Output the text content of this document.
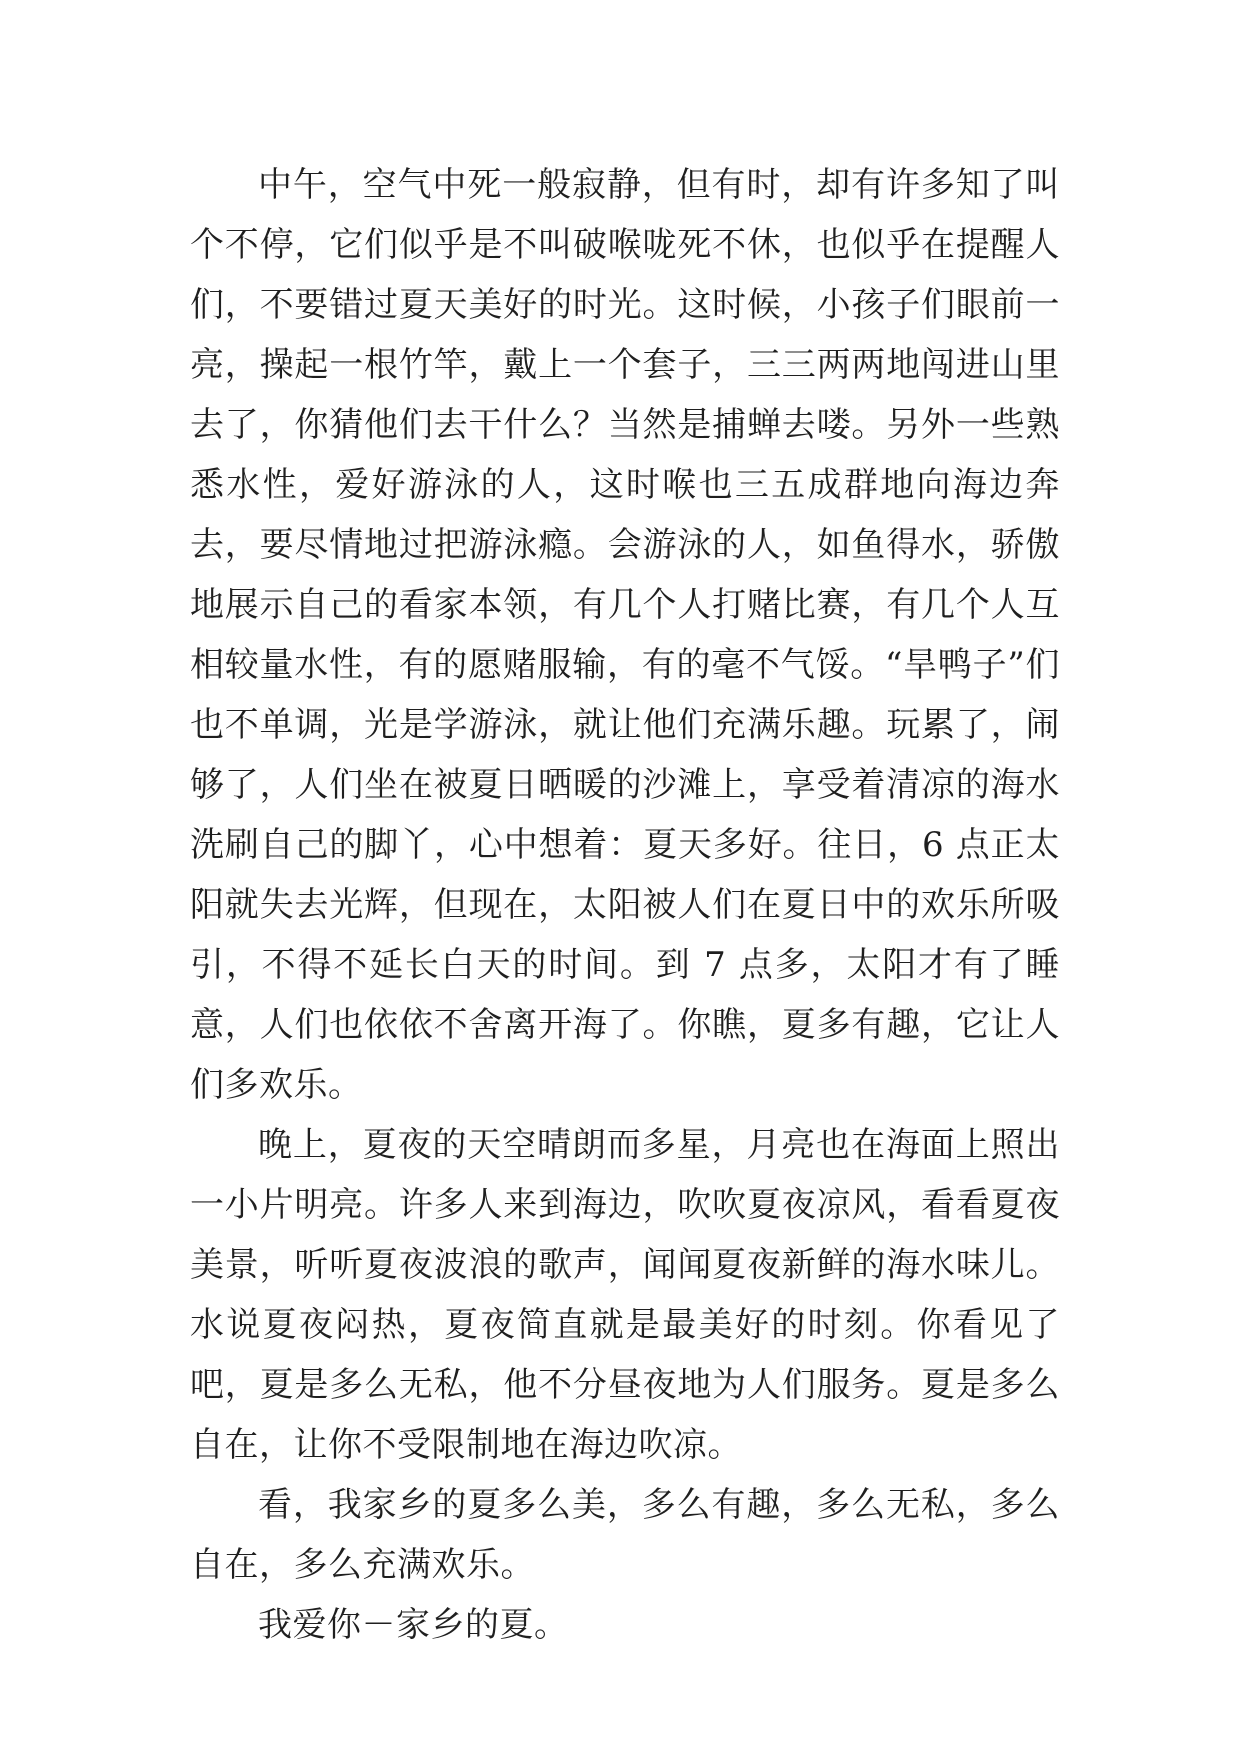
中午，空气中死一般寂静，但有时，却有许多知了叫个不停，它们似乎是不叫破喉咙死不休，也似乎在提醒人们，不要错过夏天美好的时光。这时候，小孩子们眼前一亮，操起一根竹竿，戴上一个套子，三三两两地闯进山里去了，你猜他们去干什么？当然是捕蝉去喽。另外一些熟悉水性，爱好游泳的人，这时喉也三五成群地向海边奔去，要尽情地过把游泳瘾。会游泳的人，如鱼得水，骄傲地展示自己的看家本领，有几个人打赌比赛，有几个人互相较量水性，有的愿赌服输，有的毫不气馁。“旱鸭子”们也不单调，光是学游泳，就让他们充满乐趣。玩累了，闹够了，人们坐在被夏日晒暖的沙滩上，享受着清凉的海水洗刷自己的脚丫，心中想着：夏天多好。往日，6 点正太阳就失去光辉，但现在，太阳被人们在夏日中的欢乐所吸引，不得不延长白天的时间。到 7 点多，太阳才有了睡意，人们也依依不舍离开海了。你瞧，夏多有趣，它让人们多欢乐。

晚上，夏夜的天空晴朗而多星，月亮也在海面上照出一小片明亮。许多人来到海边，吹吹夏夜凉风，看看夏夜美景，听听夏夜波浪的歌声，闻闻夏夜新鲜的海水味儿。水说夏夜闷热，夏夜简直就是最美好的时刻。你看见了吧，夏是多么无私，他不分昼夜地为人们服务。夏是多么自在，让你不受限制地在海边吹凉。

看，我家乡的夏多么美，多么有趣，多么无私，多么自在，多么充满欢乐。

我爱你－家乡的夏。
